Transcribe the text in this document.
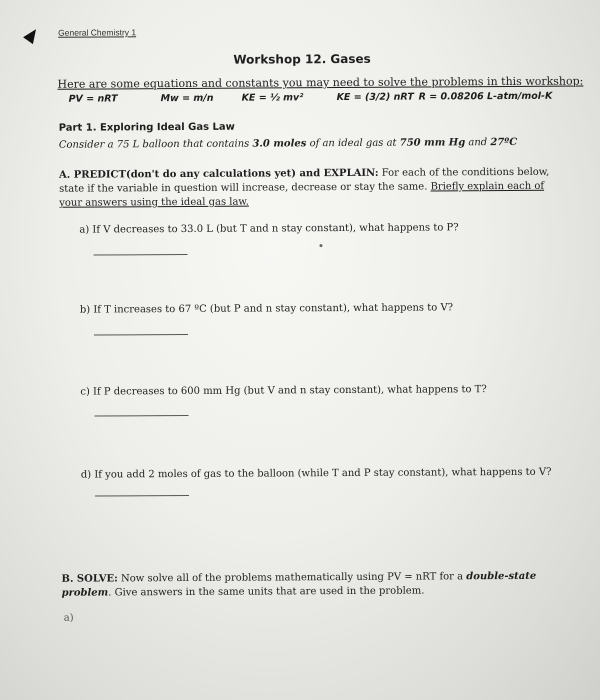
General Chemistry 1
Workshop 12. Gases
Here are some equations and constants you may need to solve the problems in this workshop:
PV = nRT	Mw = m/n	KE = ½ mv²	KE = (3/2) nRT R = 0.08206 L-atm/mol-K
Part 1. Exploring Ideal Gas Law
Consider a 75 L balloon that contains 3.0 moles of an ideal gas at 750 mm Hg and 27ºC
A. PREDICT(don't do any calculations yet) and EXPLAIN: For each of the conditions below,
state if the variable in question will increase, decrease or stay the same. Briefly explain each of
your answers using the ideal gas law.
a) If V decreases to 33.0 L (but T and n stay constant), what happens to P?
b) If T increases to 67 ºC (but P and n stay constant), what happens to V?
c) If P decreases to 600 mm Hg (but V and n stay constant), what happens to T?
d) If you add 2 moles of gas to the balloon (while T and P stay constant), what happens to V?
B. SOLVE: Now solve all of the problems mathematically using PV = nRT for a double-state
problem. Give answers in the same units that are used in the problem.
a)
